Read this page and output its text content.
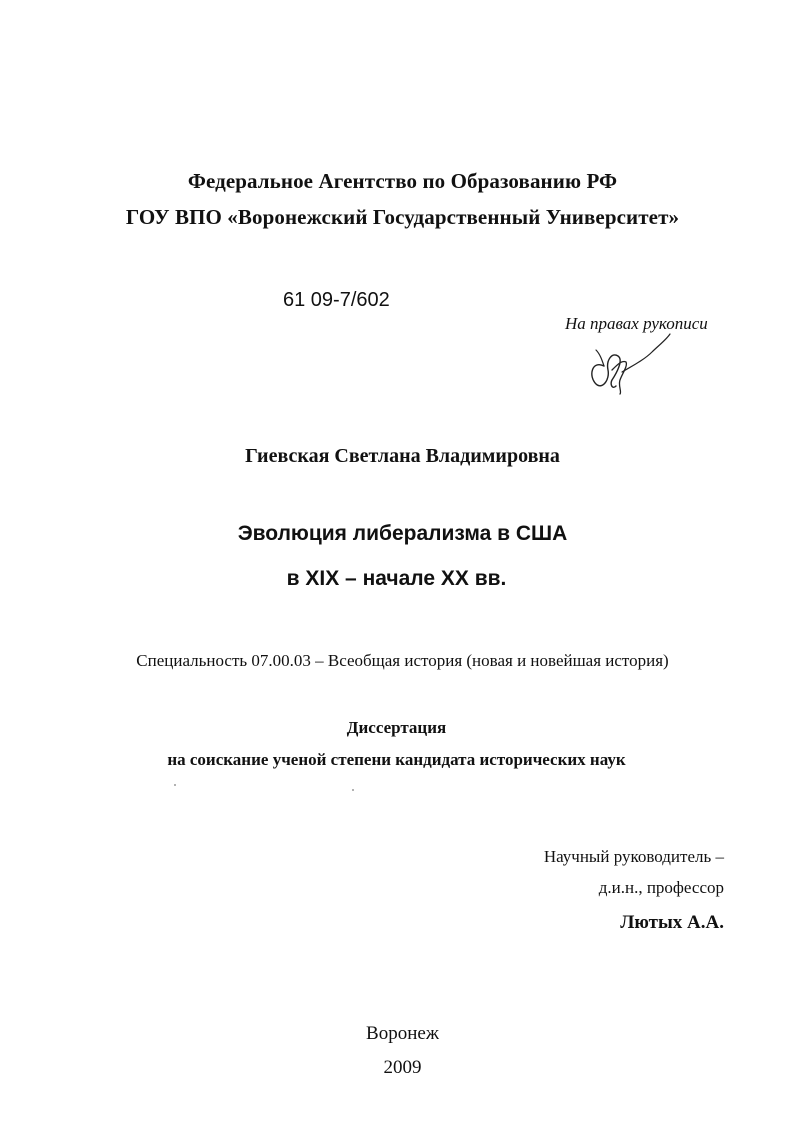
Федеральное Агентство по Образованию РФ
ГОУ ВПО «Воронежский Государственный Университет»
61 09-7/602
На правах рукописи
Гиевская Светлана Владимировна
Эволюция либерализма в США
в XIX – начале XX вв.
Специальность 07.00.03 – Всеобщая история (новая и новейшая история)
Диссертация
на соискание ученой степени кандидата исторических наук
Научный руководитель –
д.и.н., профессор
Лютых А.А.
Воронеж
2009
